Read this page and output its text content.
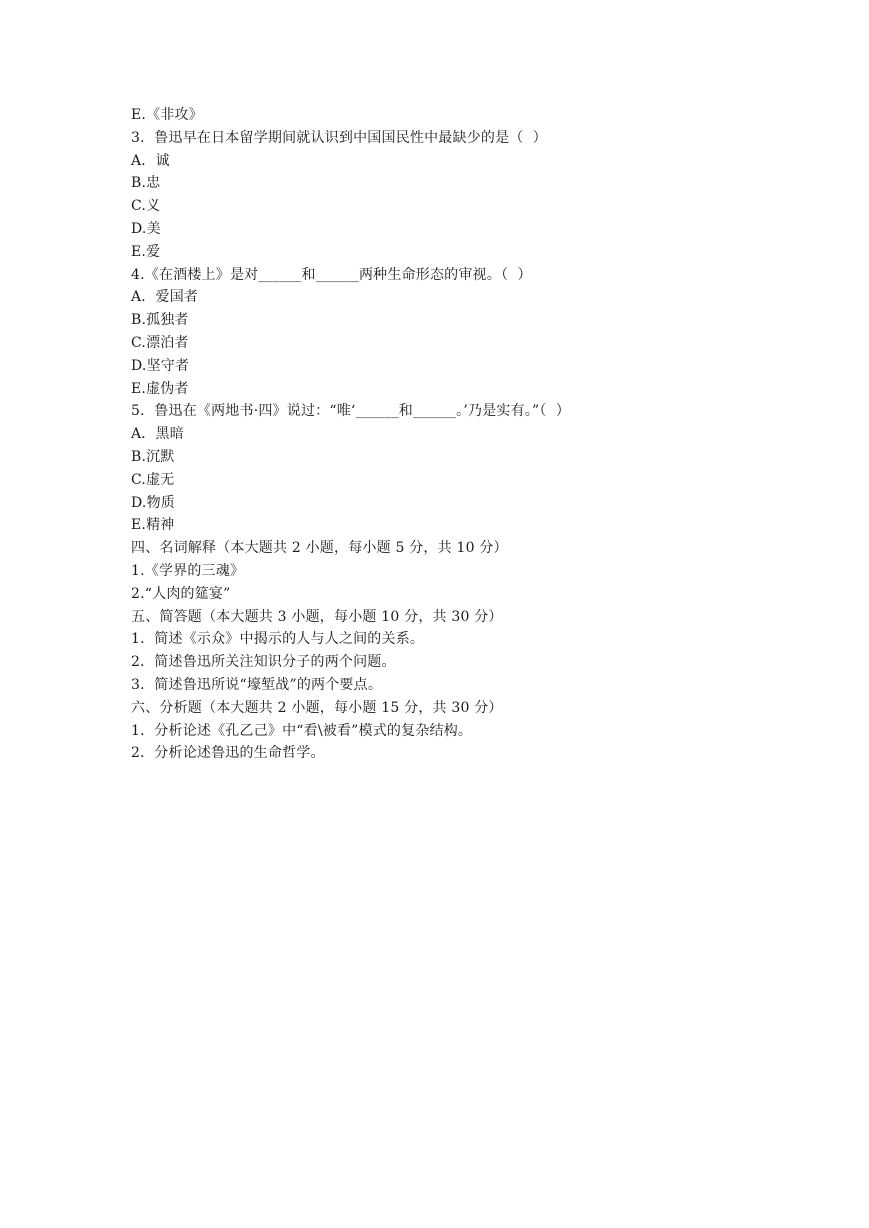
E.《非攻》
3．鲁迅早在日本留学期间就认识到中国国民性中最缺少的是（  ）
A．诚
B.忠
C.义
D.美
E.爱
4.《在酒楼上》是对______和______两种生命形态的审视。（  ）
A．爱国者
B.孤独者
C.漂泊者
D.坚守者
E.虚伪者
5．鲁迅在《两地书·四》说过：“唯‘______和______。’乃是实有。”（  ）
A．黑暗
B.沉默
C.虚无
D.物质
E.精神
四、名词解释（本大题共 2 小题，每小题 5 分，共 10 分）
1.《学界的三魂》
2.“人肉的筵宴”
五、简答题（本大题共 3 小题，每小题 10 分，共 30 分）
1．简述《示众》中揭示的人与人之间的关系。
2．简述鲁迅所关注知识分子的两个问题。
3．简述鲁迅所说“壕堑战”的两个要点。
六、分析题（本大题共 2 小题，每小题 15 分，共 30 分）
1．分析论述《孔乙己》中“看\被看”模式的复杂结构。
2．分析论述鲁迅的生命哲学。
